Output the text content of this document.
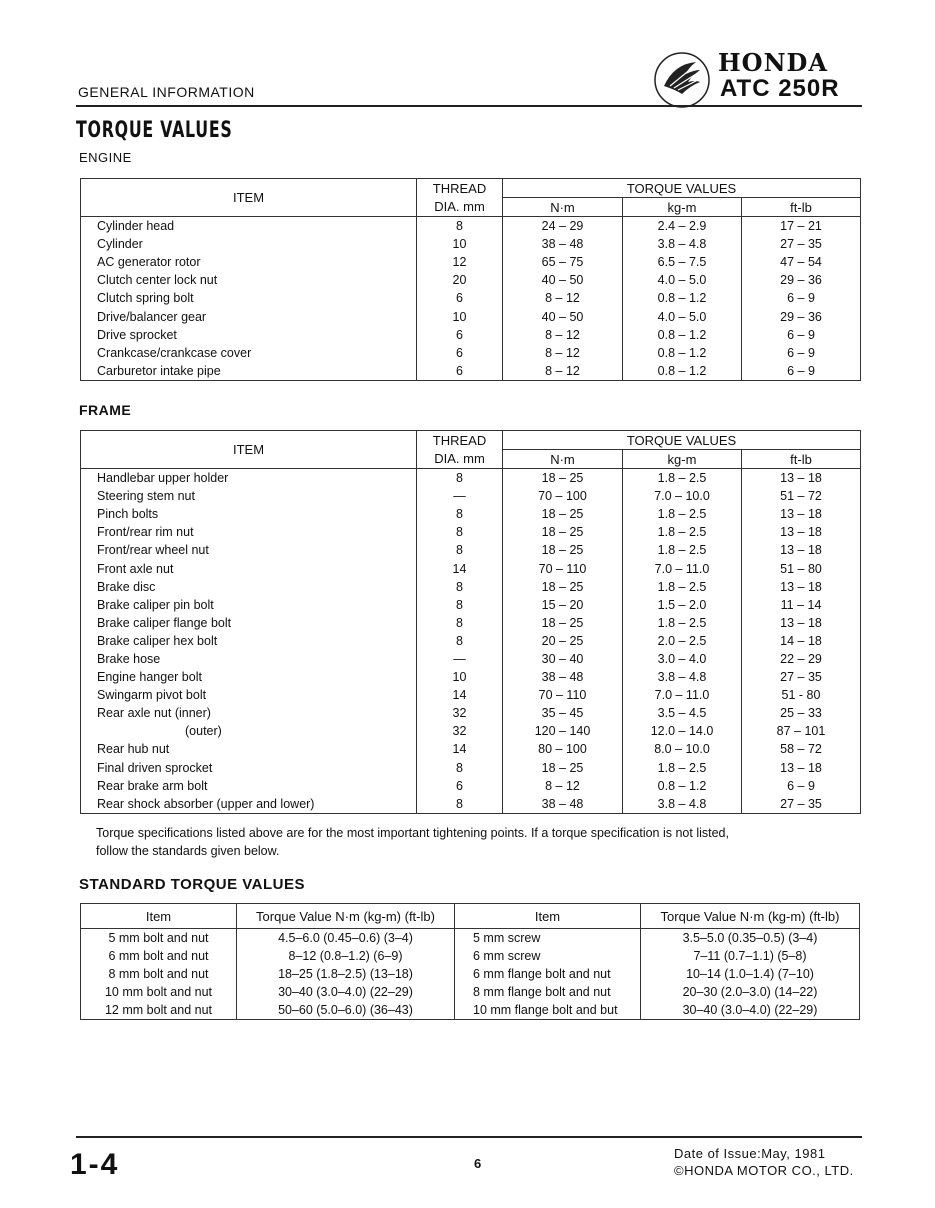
GENERAL INFORMATION
HONDA
ATC 250R
TORQUE VALUES
ENGINE
ITEM	THREAD	TORQUE VALUES		
	DIA. mm	N·m	kg-m	ft-lb
Cylinder head	8	24 – 29	2.4 – 2.9	17 – 21
Cylinder	10	38 – 48	3.8 – 4.8	27 – 35
AC generator rotor	12	65 – 75	6.5 – 7.5	47 – 54
Clutch center lock nut	20	40 – 50	4.0 – 5.0	29 – 36
Clutch spring bolt	6	8 – 12	0.8 – 1.2	6 – 9
Drive/balancer gear	10	40 – 50	4.0 – 5.0	29 – 36
Drive sprocket	6	8 – 12	0.8 – 1.2	6 – 9
Crankcase/crankcase cover	6	8 – 12	0.8 – 1.2	6 – 9
Carburetor intake pipe	6	8 – 12	0.8 – 1.2	6 – 9
FRAME
ITEM	THREAD	TORQUE VALUES		
	DIA. mm	N·m	kg-m	ft-lb
Handlebar upper holder	8	18 – 25	1.8 – 2.5	13 – 18
Steering stem nut	—	70 – 100	7.0 – 10.0	51 – 72
Pinch bolts	8	18 – 25	1.8 – 2.5	13 – 18
Front/rear rim nut	8	18 – 25	1.8 – 2.5	13 – 18
Front/rear wheel nut	8	18 – 25	1.8 – 2.5	13 – 18
Front axle nut	14	70 – 110	7.0 – 11.0	51 – 80
Brake disc	8	18 – 25	1.8 – 2.5	13 – 18
Brake caliper pin bolt	8	15 – 20	1.5 – 2.0	11 – 14
Brake caliper flange bolt	8	18 – 25	1.8 – 2.5	13 – 18
Brake caliper hex bolt	8	20 – 25	2.0 – 2.5	14 – 18
Brake hose	—	30 – 40	3.0 – 4.0	22 – 29
Engine hanger bolt	10	38 – 48	3.8 – 4.8	27 – 35
Swingarm pivot bolt	14	70 – 110	7.0 – 11.0	51 - 80
Rear axle nut (inner)	32	35 – 45	3.5 – 4.5	25 – 33
(outer)	32	120 – 140	12.0 – 14.0	87 – 101
Rear hub nut	14	80 – 100	8.0 – 10.0	58 – 72
Final driven sprocket	8	18 – 25	1.8 – 2.5	13 – 18
Rear brake arm bolt	6	8 – 12	0.8 – 1.2	6 – 9
Rear shock absorber (upper and lower)	8	38 – 48	3.8 – 4.8	27 – 35
Torque specifications listed above are for the most important tightening points. If a torque specification is not listed,
follow the standards given below.
STANDARD TORQUE VALUES
Item	Torque Value N·m (kg-m) (ft-lb)	Item	Torque Value N·m (kg-m) (ft-lb)
5 mm bolt and nut	4.5–6.0 (0.45–0.6) (3–4)	5 mm screw	3.5–5.0 (0.35–0.5) (3–4)
6 mm bolt and nut	8–12 (0.8–1.2) (6–9)	6 mm screw	7–11 (0.7–1.1) (5–8)
8 mm bolt and nut	18–25 (1.8–2.5) (13–18)	6 mm flange bolt and nut	10–14 (1.0–1.4) (7–10)
10 mm bolt and nut	30–40 (3.0–4.0) (22–29)	8 mm flange bolt and nut	20–30 (2.0–3.0) (14–22)
12 mm bolt and nut	50–60 (5.0–6.0) (36–43)	10 mm flange bolt and but	30–40 (3.0–4.0) (22–29)
1-4	6
Date of Issue:May, 1981
©HONDA MOTOR CO., LTD.
